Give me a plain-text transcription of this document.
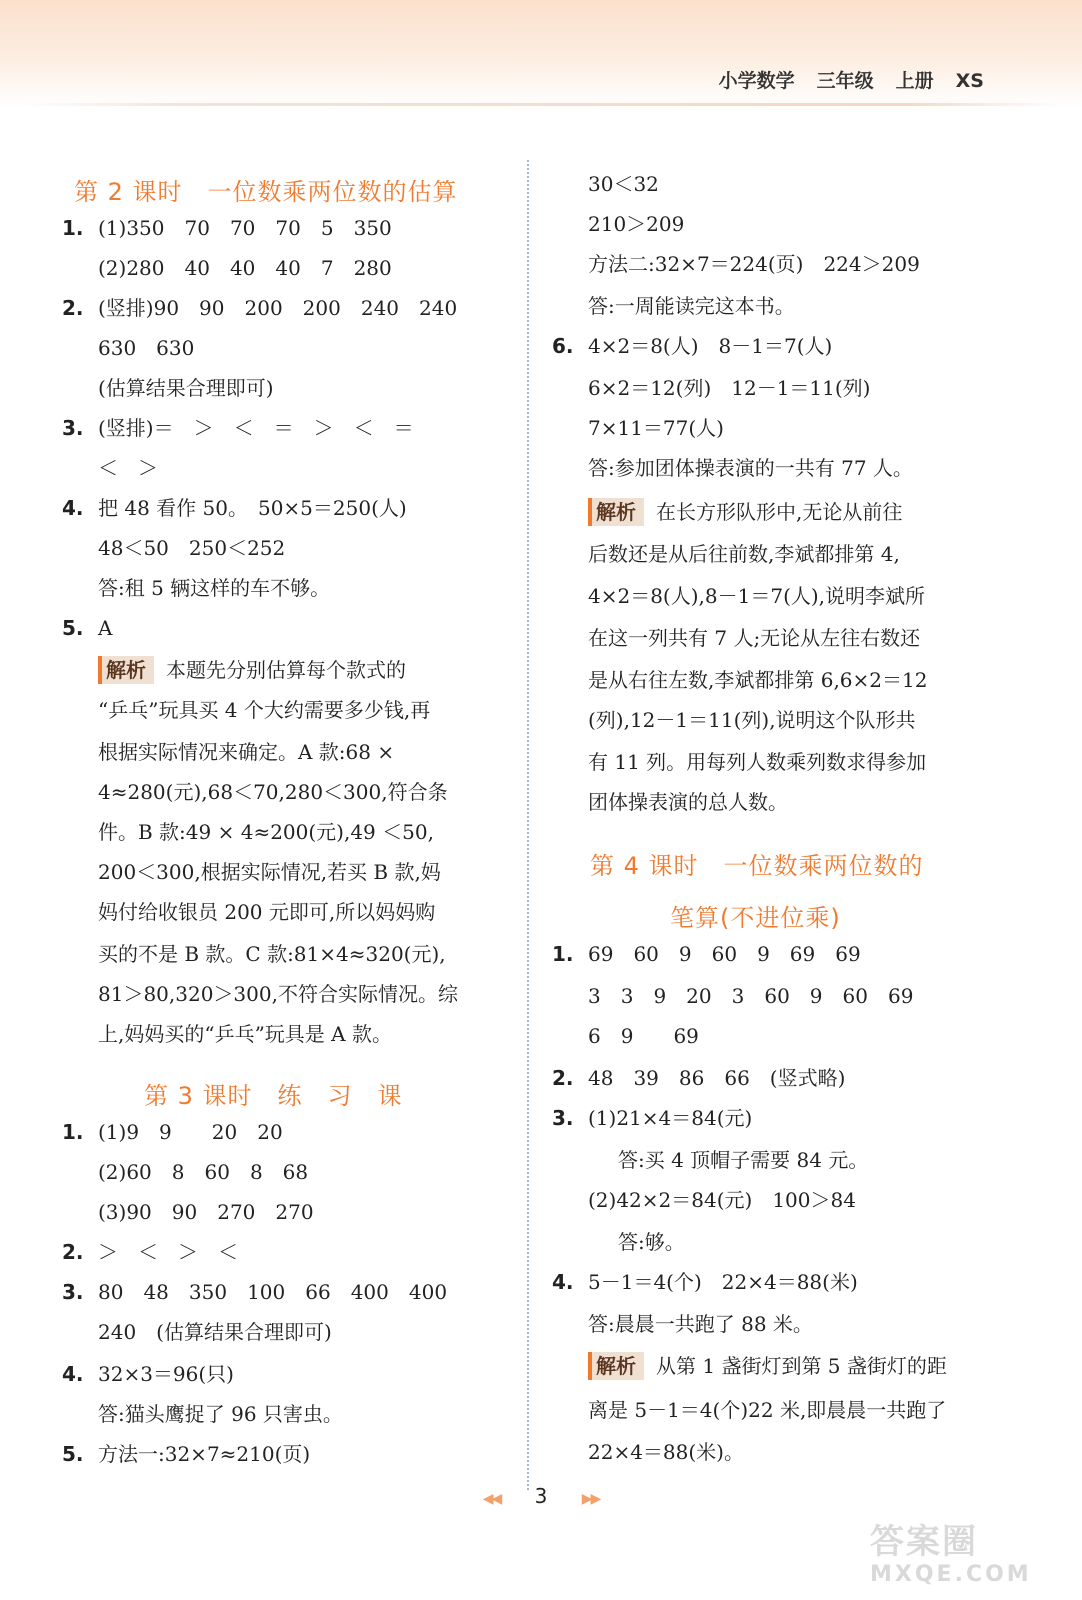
小学数学 三年级 上册 XS
第 2 课时　一位数乘两位数的估算
1. (1)350　70　70　70　5　350
(2)280　40　40　40　7　280
2. (竖排)90　90　200　200　240　240
630　630
(估算结果合理即可)
3. (竖排)＝　＞　＜　＝　＞　＜　＝
＜　＞
4. 把 48 看作 50。　50×5＝250(人)
48＜50　250＜252
答:租 5 辆这样的车不够。
5. A
解析 本题先分别估算每个款式的
“乒乓”玩具买 4 个大约需要多少钱,再
根据实际情况来确定。A 款:68 ×
4≈280(元),68＜70,280＜300,符合条
件。B 款:49 × 4≈200(元),49 ＜50,
200＜300,根据实际情况,若买 B 款,妈
妈付给收银员 200 元即可,所以妈妈购
买的不是 B 款。C 款:81×4≈320(元),
81＞80,320＞300,不符合实际情况。综
上,妈妈买的“乒乓”玩具是 A 款。
第 3 课时　练　习　课
1. (1)9　9　　20　20
(2)60　8　60　8　68
(3)90　90　270　270
2. ＞　＜　＞　＜
3. 80　48　350　100　66　400　400
240　(估算结果合理即可)
4. 32×3＝96(只)
答:猫头鹰捉了 96 只害虫。
5. 方法一:32×7≈210(页)
30＜32
210＞209
方法二:32×7＝224(页)　224＞209
答:一周能读完这本书。
6. 4×2＝8(人)　8－1＝7(人)
6×2＝12(列)　12－1＝11(列)
7×11＝77(人)
答:参加团体操表演的一共有 77 人。
解析 在长方形队形中,无论从前往
后数还是从后往前数,李斌都排第 4,
4×2＝8(人),8－1＝7(人),说明李斌所
在这一列共有 7 人;无论从左往右数还
是从右往左数,李斌都排第 6,6×2＝12
(列),12－1＝11(列),说明这个队形共
有 11 列。用每列人数乘列数求得参加
团体操表演的总人数。
第 4 课时　一位数乘两位数的
笔算(不进位乘)
1. 69　60　9　60　9　69　69
3　3　9　20　3　60　9　60　69
6　9　　69
2. 48　39　86　66　(竖式略)
3. (1)21×4＝84(元)
答:买 4 顶帽子需要 84 元。
(2)42×2＝84(元)　100＞84
答:够。
4. 5－1＝4(个)　22×4＝88(米)
答:晨晨一共跑了 88 米。
解析 从第 1 盏街灯到第 5 盏街灯的距
离是 5－1＝4(个)22 米,即晨晨一共跑了
22×4＝88(米)。
◀◀ 3 ▶▶
答案圈
MXQE.COM
